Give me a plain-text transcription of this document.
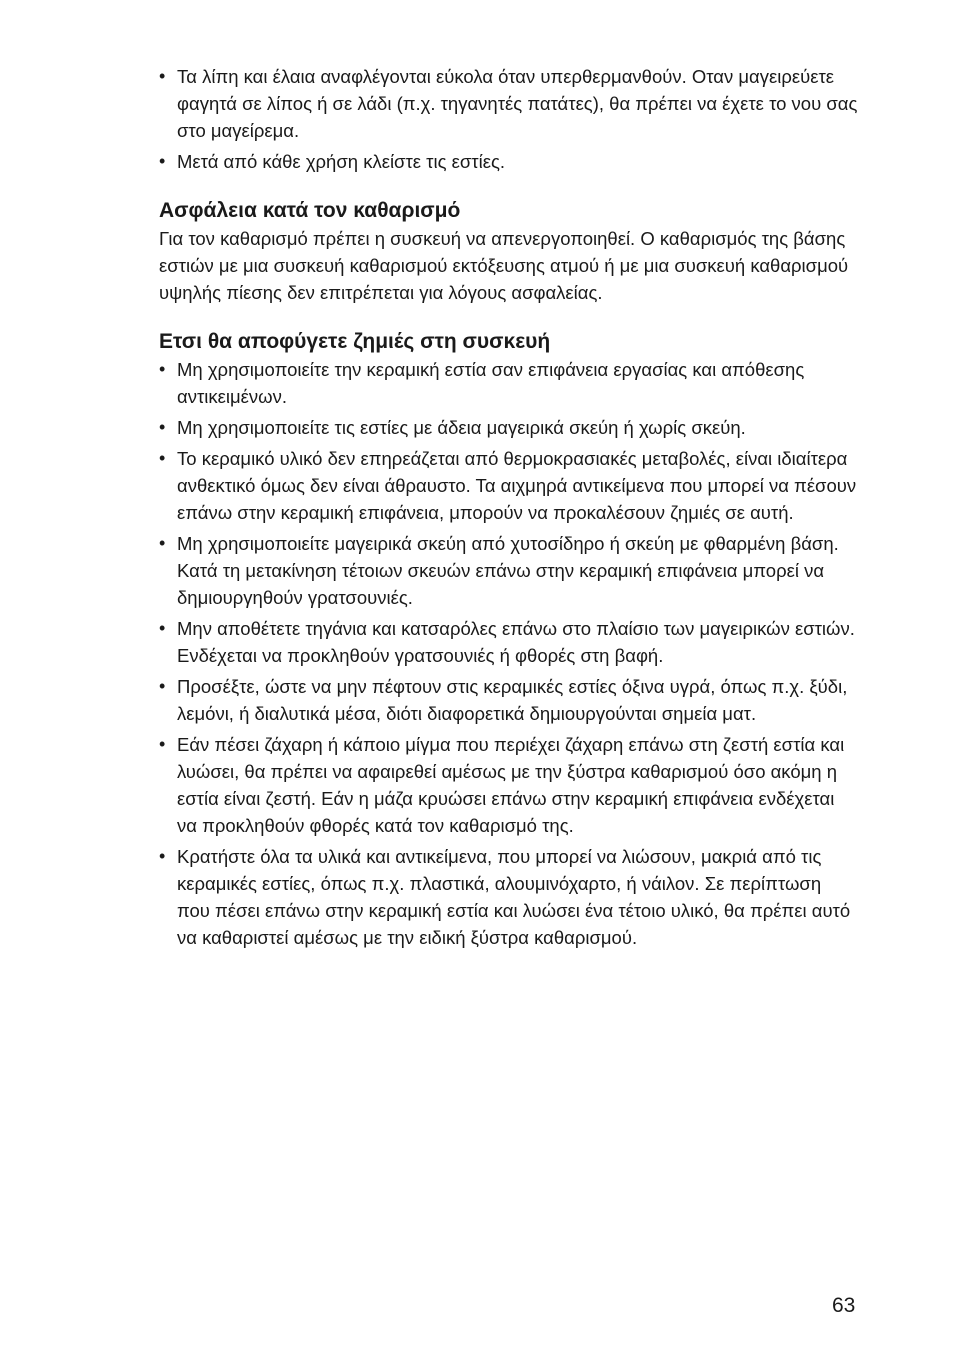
• Τα λίπη και έλαια αναφλέγονται εύκολα όταν υπερθερμανθούν. Οταν μαγειρεύετε φαγητά σε λίπος ή σε λάδι (π.χ. τηγανητές πατάτες), θα πρέπει να έχετε το νου σας στο μαγείρεμα.
• Μετά από κάθε χρήση κλείστε τις εστίες.
Ασφάλεια κατά τον καθαρισμό

Για τον καθαρισμό πρέπει η συσκευή να απενεργοποιηθεί. Ο καθαρισμός της βάσης εστιών με μια συσκευή καθαρισμού εκτόξευσης ατμού ή με μια συσκευή καθαρισμού υψηλής πίεσης δεν επιτρέπεται για λόγους ασφαλείας.

Ετσι θα αποφύγετε ζημιές στη συσκευή
• Μη χρησιμοποιείτε την κεραμική εστία σαν επιφάνεια εργασίας και απόθεσης αντικειμένων.
• Μη χρησιμοποιείτε τις εστίες με άδεια μαγειρικά σκεύη ή χωρίς σκεύη.
• Το κεραμικό υλικό δεν επηρεάζεται από θερμοκρασιακές μεταβολές, είναι ιδιαίτερα ανθεκτικό όμως δεν είναι άθραυστο. Τα αιχμηρά αντικείμενα που μπορεί να πέσουν επάνω στην κεραμική επιφάνεια, μπορούν να προκαλέσουν ζημιές σε αυτή.
• Μη χρησιμοποιείτε μαγειρικά σκεύη από χυτοσίδηρο ή σκεύη με φθαρμένη βάση. Κατά τη μετακίνηση τέτοιων σκευών επάνω στην κεραμική επιφάνεια μπορεί να δημιουργηθούν γρατσουνιές.
• Μην αποθέτετε τηγάνια και κατσαρόλες επάνω στο πλαίσιο των μαγειρικών εστιών. Ενδέχεται να προκληθούν γρατσουνιές ή φθορές στη βαφή.
• Προσέξτε, ώστε να μην πέφτουν στις κεραμικές εστίες όξινα υγρά, όπως π.χ. ξύδι, λεμόνι, ή διαλυτικά μέσα, διότι διαφορετικά δημιουργούνται σημεία ματ.
• Εάν πέσει ζάχαρη ή κάποιο μίγμα που περιέχει ζάχαρη επάνω στη ζεστή εστία και λυώσει, θα πρέπει να αφαιρεθεί αμέσως με την ξύστρα καθαρισμού όσο ακόμη η εστία είναι ζεστή. Εάν η μάζα κρυώσει επάνω στην κεραμική επιφάνεια ενδέχεται να προκληθούν φθορές κατά τον καθαρισμό της.
• Κρατήστε όλα τα υλικά και αντικείμενα, που μπορεί να λιώσουν, μακριά από τις κεραμικές εστίες, όπως π.χ. πλαστικά, αλουμινόχαρτο, ή νάιλον. Σε περίπτωση που πέσει επάνω στην κεραμική εστία και λυώσει ένα τέτοιο υλικό, θα πρέπει αυτό να καθαριστεί αμέσως με την ειδική ξύστρα καθαρισμού.
63
